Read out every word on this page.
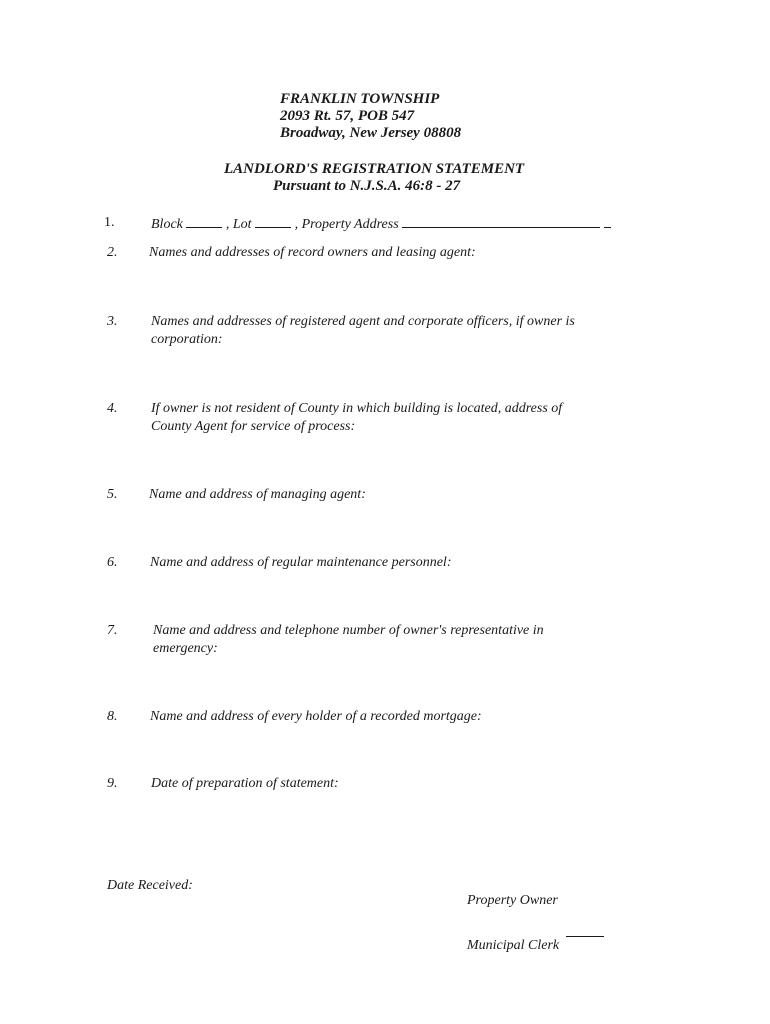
FRANKLIN TOWNSHIP
2093 Rt. 57, POB 547
Broadway, New Jersey 08808
LANDLORD'S REGISTRATION STATEMENT
Pursuant to N.J.S.A. 46:8 - 27
1.	Block	, Lot	, Property Address
2. Names and addresses of record owners and leasing agent:
3. Names and addresses of registered agent and corporate officers, if owner is
corporation:
4. If owner is not resident of County in which building is located, address of
County Agent for service of process:
5. Name and address of managing agent:
6. Name and address of regular maintenance personnel:
7.	Name and address and telephone number of owner's representative in
emergency:
8. Name and address of every holder of a recorded mortgage:
9. Date of preparation of statement:
Date Received:
Property Owner
Municipal Clerk
